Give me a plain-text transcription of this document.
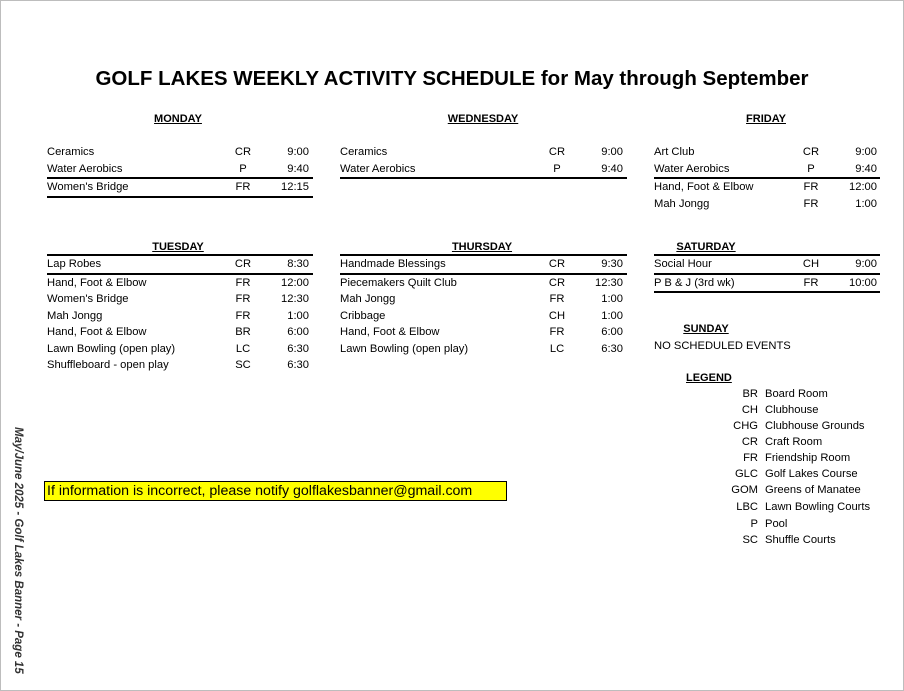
GOLF LAKES WEEKLY ACTIVITY SCHEDULE for May through September
MONDAY	WEDNESDAY	FRIDAY
TUESDAY	THURSDAY	SATURDAY
SUNDAY
Ceramics	CR	9:00
Water Aerobics	P	9:40
Women's Bridge	FR	12:15
Ceramics	CR	9:00
Water Aerobics	P	9:40
Art Club	CR	9:00
Water Aerobics	P	9:40
Hand, Foot & Elbow	FR	12:00
Mah Jongg	FR	1:00
Lap Robes	CR	8:30
Hand, Foot & Elbow	FR	12:00
Women's Bridge	FR	12:30
Mah Jongg	FR	1:00
Hand, Foot & Elbow	BR	6:00
Lawn Bowling (open play)	LC	6:30
Shuffleboard - open play	SC	6:30
Handmade Blessings	CR	9:30
Piecemakers Quilt Club	CR	12:30
Mah Jongg	FR	1:00
Cribbage	CH	1:00
Hand, Foot & Elbow	FR	6:00
Lawn Bowling (open play)	LC	6:30
Social Hour	CH	9:00
P B & J (3rd wk)	FR	10:00
NO SCHEDULED EVENTS
LEGEND
BR Board Room
CH Clubhouse
CHG Clubhouse Grounds
CR Craft Room
FR Friendship Room
GLC Golf Lakes Course
GOM Greens of Manatee
LBC Lawn Bowling Courts
P Pool
SC Shuffle Courts
If information is incorrect, please notify golflakesbanner@gmail.com
May/June 2025 - Golf Lakes Banner - Page 15
